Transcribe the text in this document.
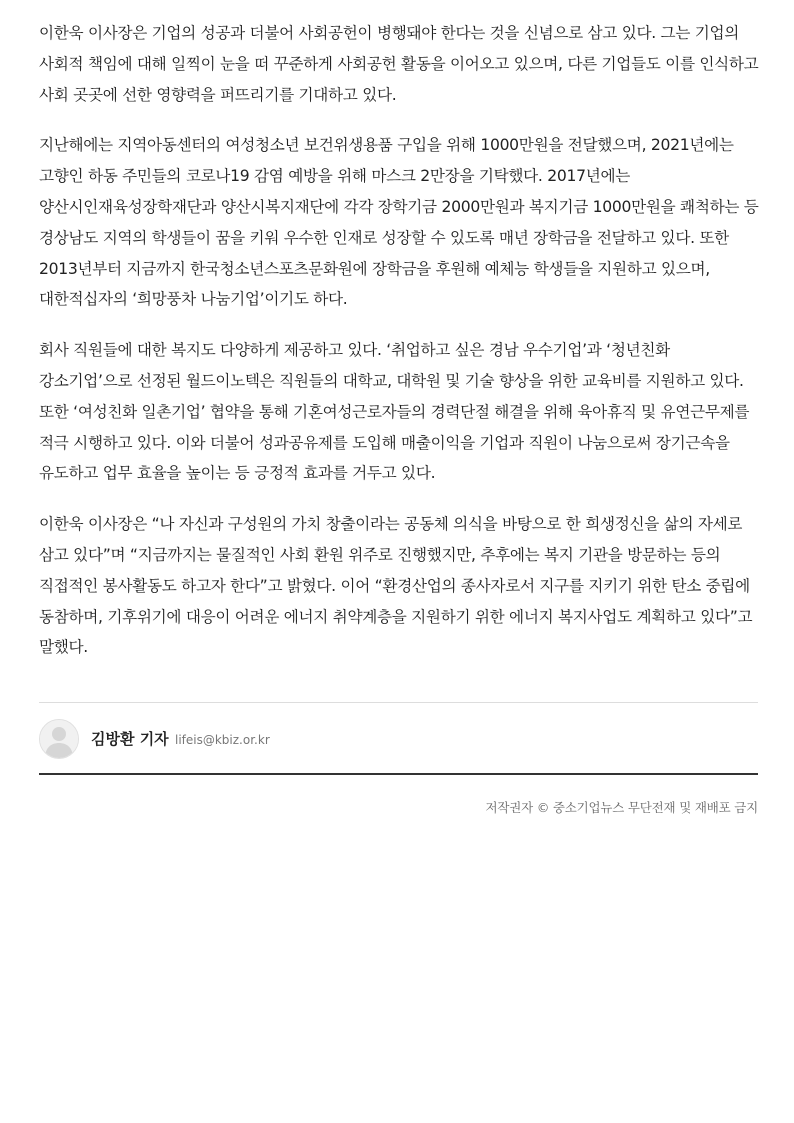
이한욱 이사장은 기업의 성공과 더불어 사회공헌이 병행돼야 한다는 것을 신념으로 삼고 있다. 그는 기업의 사회적 책임에 대해 일찍이 눈을 떠 꾸준하게 사회공헌 활동을 이어오고 있으며, 다른 기업들도 이를 인식하고 사회 곳곳에 선한 영향력을 퍼뜨리기를 기대하고 있다.

지난해에는 지역아동센터의 여성청소년 보건위생용품 구입을 위해 1000만원을 전달했으며, 2021년에는 고향인 하동 주민들의 코로나19 감염 예방을 위해 마스크 2만장을 기탁했다. 2017년에는 양산시인재육성장학재단과 양산시복지재단에 각각 장학기금 2000만원과 복지기금 1000만원을 쾌척하는 등 경상남도 지역의 학생들이 꿈을 키워 우수한 인재로 성장할 수 있도록 매년 장학금을 전달하고 있다. 또한 2013년부터 지금까지 한국청소년스포츠문화원에 장학금을 후원해 예체능 학생들을 지원하고 있으며, 대한적십자의 ‘희망풍차 나눔기업’이기도 하다.

회사 직원들에 대한 복지도 다양하게 제공하고 있다. ‘취업하고 싶은 경남 우수기업’과 ‘청년친화 강소기업’으로 선정된 월드이노텍은 직원들의 대학교, 대학원 및 기술 향상을 위한 교육비를 지원하고 있다. 또한 ‘여성친화 일촌기업’ 협약을 통해 기혼여성근로자들의 경력단절 해결을 위해 육아휴직 및 유연근무제를 적극 시행하고 있다. 이와 더불어 성과공유제를 도입해 매출이익을 기업과 직원이 나눔으로써 장기근속을 유도하고 업무 효율을 높이는 등 긍정적 효과를 거두고 있다.

이한욱 이사장은 “나 자신과 구성원의 가치 창출이라는 공동체 의식을 바탕으로 한 희생정신을 삶의 자세로 삼고 있다”며 “지금까지는 물질적인 사회 환원 위주로 진행했지만, 추후에는 복지 기관을 방문하는 등의 직접적인 봉사활동도 하고자 한다”고 밝혔다. 이어 “환경산업의 종사자로서 지구를 지키기 위한 탄소 중립에 동참하며, 기후위기에 대응이 어려운 에너지 취약계층을 지원하기 위한 에너지 복지사업도 계획하고 있다”고 말했다.

김방환 기자 lifeis@kbiz.or.kr
저작권자 © 중소기업뉴스 무단전재 및 재배포 금지
